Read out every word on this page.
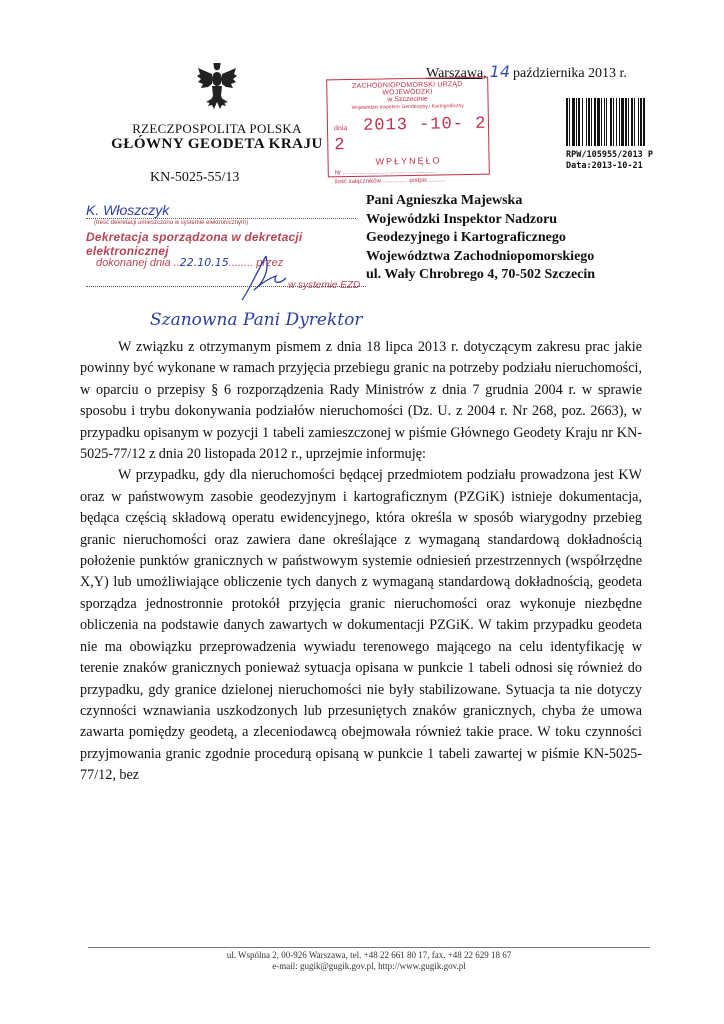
RZECZPOSPOLITA POLSKA
GŁÓWNY GEODETA KRAJU
KN-5025-55/13
Warszawa, 14 października 2013 r.
ZACHODNIOPOMORSKI URZĄD WOJEWÓDZKI
w Szczecinie
Wojewódzki Inspektor Geodezyjny i Kartograficzny
dnia 2013 -10- 2 2
WPŁYNĘŁO
Nr ........................................................
ilość załączników ............... podpis ..........
RPW/105955/2013 P
Data:2013-10-21
K. Włoszczyk
(treść dekretacji umieszczono w systemie elektronicznym)
Dekretacja sporządzona w dekretacji elektronicznej
dokonanej dnia ..22.10.15........ przez
w systemie EZD
Pani Agnieszka Majewska
Wojewódzki Inspektor Nadzoru
Geodezyjnego i Kartograficznego
Województwa Zachodniopomorskiego
ul. Wały Chrobrego 4, 70-502 Szczecin
Szanowna Pani Dyrektor

W związku z otrzymanym pismem z dnia 18 lipca 2013 r. dotyczącym zakresu prac jakie powinny być wykonane w ramach przyjęcia przebiegu granic na potrzeby podziału nieruchomości, w oparciu o przepisy § 6 rozporządzenia Rady Ministrów z dnia 7 grudnia 2004 r. w sprawie sposobu i trybu dokonywania podziałów nieruchomości (Dz. U. z 2004 r. Nr 268, poz. 2663), w przypadku opisanym w pozycji 1 tabeli zamieszczonej w piśmie Głównego Geodety Kraju nr KN-5025-77/12 z dnia 20 listopada 2012 r., uprzejmie informuję:

W przypadku, gdy dla nieruchomości będącej przedmiotem podziału prowadzona jest KW oraz w państwowym zasobie geodezyjnym i kartograficznym (PZGiK) istnieje dokumentacja, będąca częścią składową operatu ewidencyjnego, która określa w sposób wiarygodny przebieg granic nieruchomości oraz zawiera dane określające z wymaganą standardową dokładnością położenie punktów granicznych w państwowym systemie odniesień przestrzennych (współrzędne X,Y) lub umożliwiające obliczenie tych danych z wymaganą standardową dokładnością, geodeta sporządza jednostronnie protokół przyjęcia granic nieruchomości oraz wykonuje niezbędne obliczenia na podstawie danych zawartych w dokumentacji PZGiK. W takim przypadku geodeta nie ma obowiązku przeprowadzenia wywiadu terenowego mającego na celu identyfikację w terenie znaków granicznych ponieważ sytuacja opisana w punkcie 1 tabeli odnosi się również do przypadku, gdy granice dzielonej nieruchomości nie były stabilizowane. Sytuacja ta nie dotyczy czynności wznawiania uszkodzonych lub przesuniętych znaków granicznych, chyba że umowa zawarta pomiędzy geodetą, a zleceniodawcą obejmowała również takie prace. W toku czynności przyjmowania granic zgodnie procedurą opisaną w punkcie 1 tabeli zawartej w piśmie KN-5025-77/12, bez

ul. Wspólna 2, 00-926 Warszawa, tel. +48 22 661 80 17, fax. +48 22 629 18 67
e-mail: gugik@gugik.gov.pl, http://www.gugik.gov.pl
